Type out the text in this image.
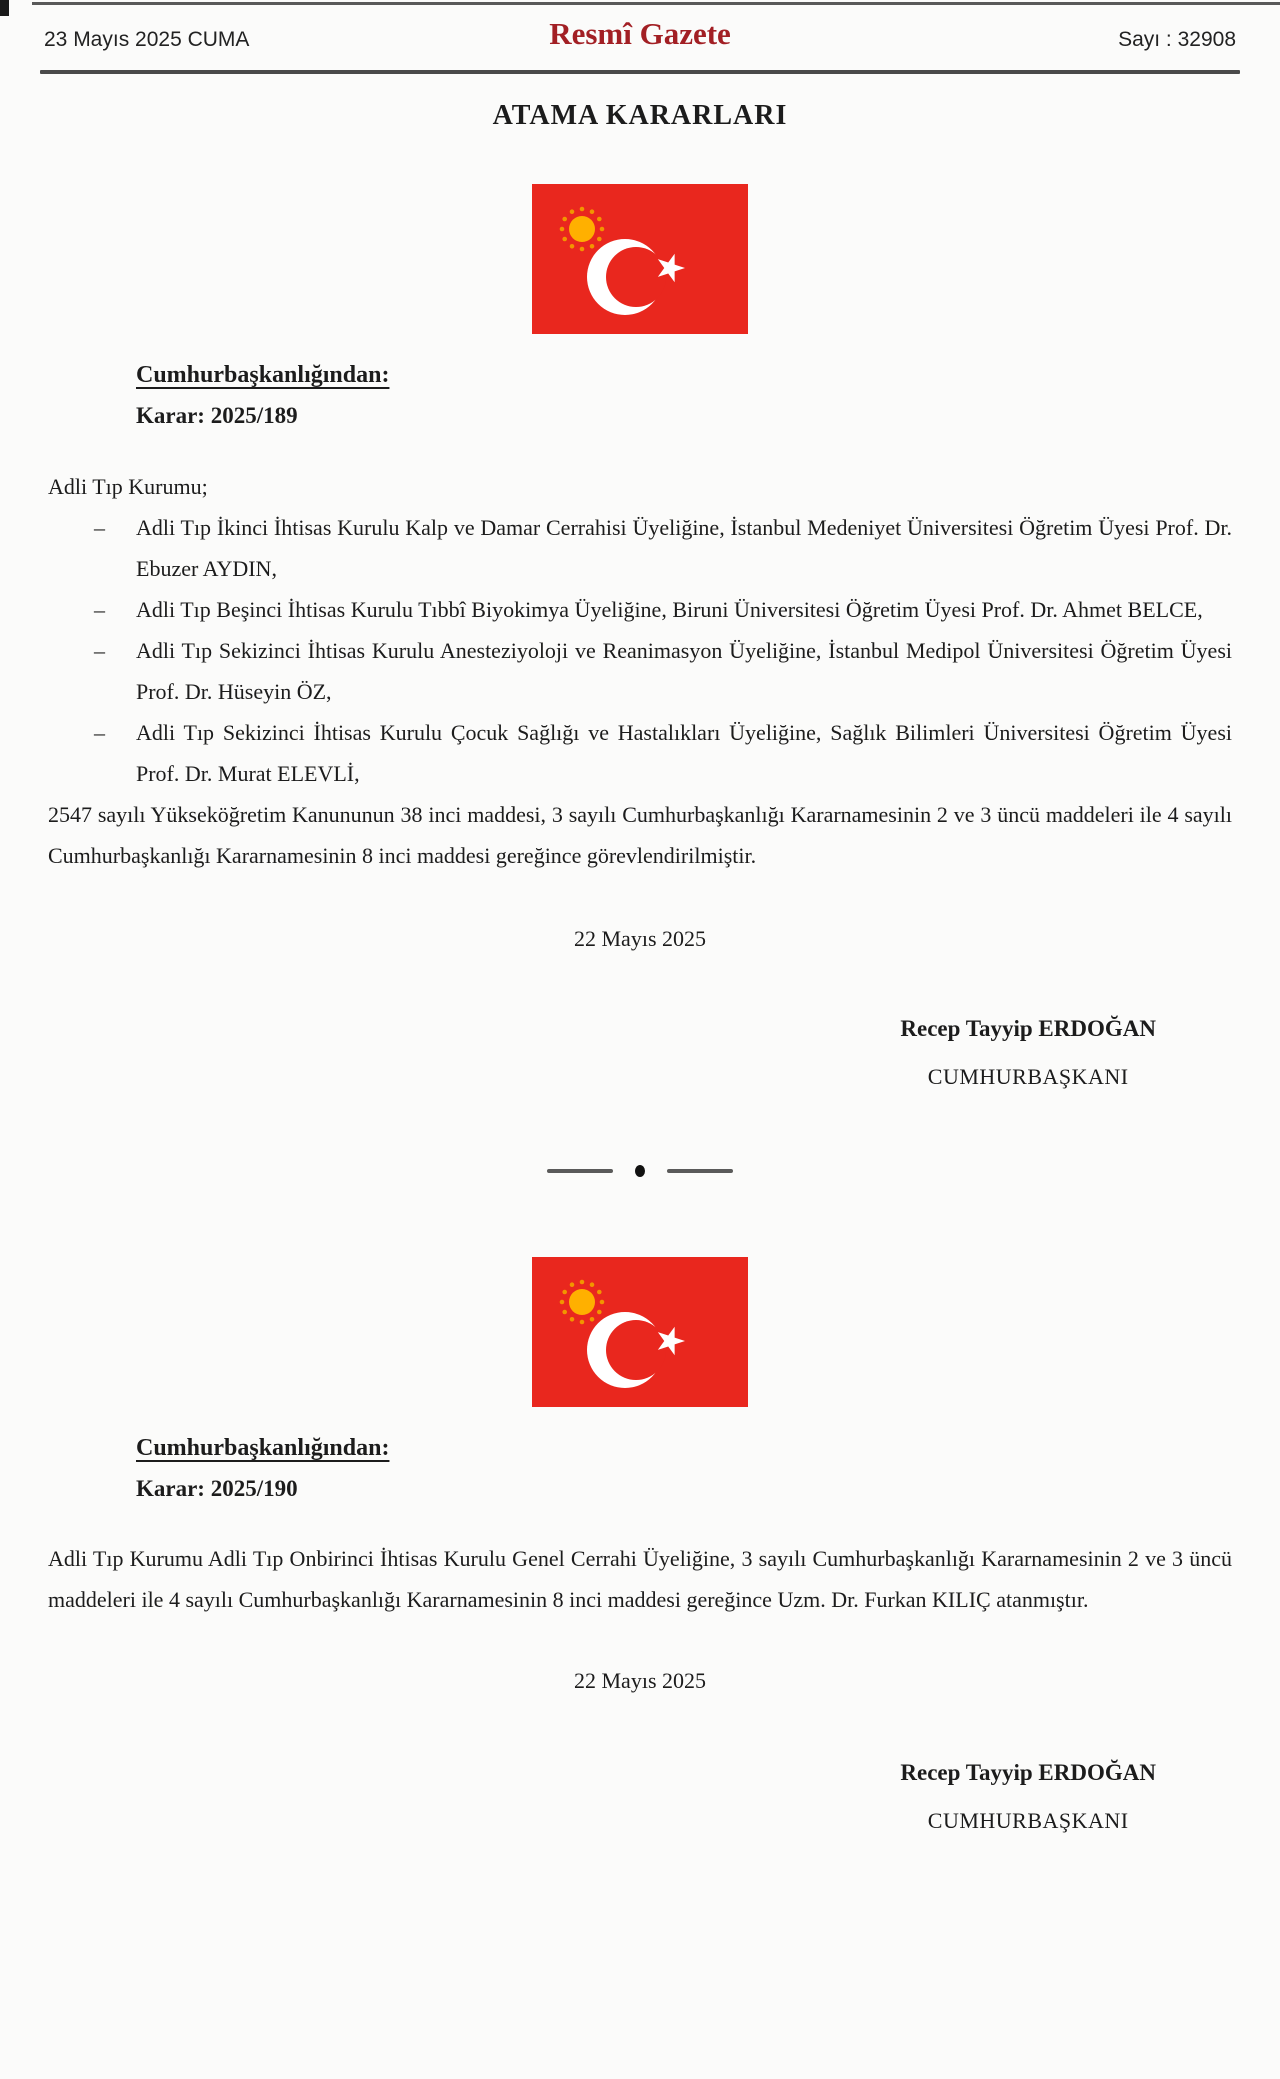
23 Mayıs 2025 CUMA	Resmî Gazete	Sayı : 32908
ATAMA KARARLARI
Cumhurbaşkanlığından:
Karar: 2025/189
Adli Tıp Kurumu;
– Adli Tıp İkinci İhtisas Kurulu Kalp ve Damar Cerrahisi Üyeliğine, İstanbul Medeniyet Üniversitesi Öğretim Üyesi Prof. Dr. Ebuzer AYDIN,
– Adli Tıp Beşinci İhtisas Kurulu Tıbbî Biyokimya Üyeliğine, Biruni Üniversitesi Öğretim Üyesi Prof. Dr. Ahmet BELCE,
– Adli Tıp Sekizinci İhtisas Kurulu Anesteziyoloji ve Reanimasyon Üyeliğine, İstanbul Medipol Üniversitesi Öğretim Üyesi Prof. Dr. Hüseyin ÖZ,
– Adli Tıp Sekizinci İhtisas Kurulu Çocuk Sağlığı ve Hastalıkları Üyeliğine, Sağlık Bilimleri Üniversitesi Öğretim Üyesi Prof. Dr. Murat ELEVLİ,
2547 sayılı Yükseköğretim Kanununun 38 inci maddesi, 3 sayılı Cumhurbaşkanlığı Kararnamesinin 2 ve 3 üncü maddeleri ile 4 sayılı Cumhurbaşkanlığı Kararnamesinin 8 inci maddesi gereğince görevlendirilmiştir.
22 Mayıs 2025
Recep Tayyip ERDOĞAN
CUMHURBAŞKANI
Cumhurbaşkanlığından:
Karar: 2025/190
Adli Tıp Kurumu Adli Tıp Onbirinci İhtisas Kurulu Genel Cerrahi Üyeliğine, 3 sayılı Cumhurbaşkanlığı Kararnamesinin 2 ve 3 üncü maddeleri ile 4 sayılı Cumhurbaşkanlığı Kararnamesinin 8 inci maddesi gereğince Uzm. Dr. Furkan KILIÇ atanmıştır.
22 Mayıs 2025
Recep Tayyip ERDOĞAN
CUMHURBAŞKANI
